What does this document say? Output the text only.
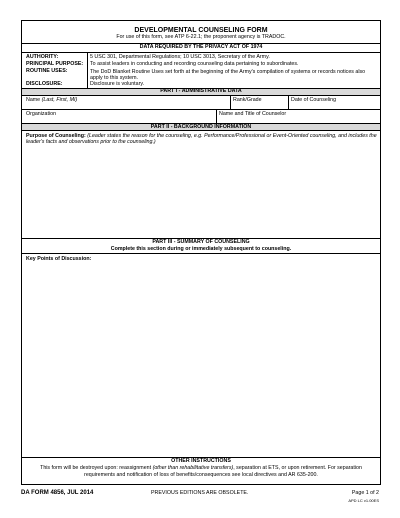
DEVELOPMENTAL COUNSELING FORM
For use of this form, see ATP 6-22.1; the proponent agency is TRADOC.
DATA REQUIRED BY THE PRIVACY ACT OF 1974
AUTHORITY:	5 USC 301, Departmental Regulations; 10 USC 3013, Secretary of the Army.
PRINCIPAL PURPOSE: To assist leaders in conducting and recording counseling data pertaining to subordinates.
ROUTINE USES:	The DoD Blanket Routine Uses set forth at the beginning of the Army's compilation of systems or records notices also apply to this system.
DISCLOSURE:	Disclosure is voluntary.
PART I - ADMINISTRATIVE DATA
Name (Last, First, MI)	Rank/Grade	Date of Counseling
Organization	Name and Title of Counselor
PART II - BACKGROUND INFORMATION
Purpose of Counseling: (Leader states the reason for the counseling, e.g. Performance/Professional or Event-Oriented counseling, and includes the leader's facts and observations prior to the counseling.)
PART III - SUMMARY OF COUNSELING
Complete this section during or immediately subsequent to counseling.
Key Points of Discussion:
OTHER INSTRUCTIONS
This form will be destroyed upon: reassignment (other than rehabilitative transfers), separation at ETS, or upon retirement. For separation
requirements and notification of loss of benefits/consequences see local directives and AR 635-200.
DA FORM 4856, JUL 2014	PREVIOUS EDITIONS ARE OBSOLETE.	Page 1 of 2
APD LC v1.00ES
